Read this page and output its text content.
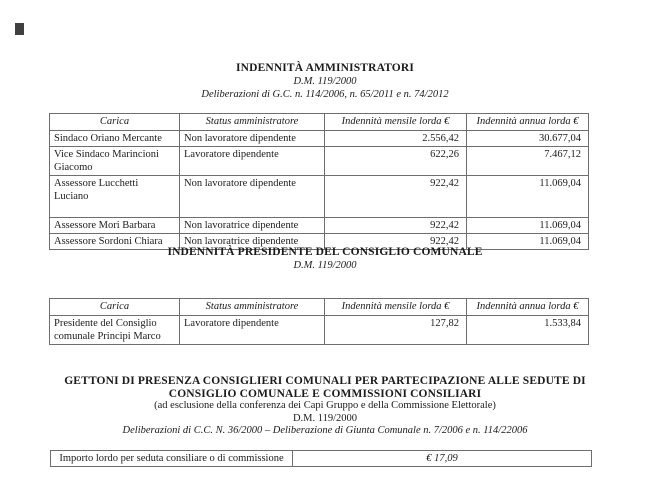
INDENNITÀ AMMINISTRATORI
D.M. 119/2000
Deliberazioni di G.C. n. 114/2006, n. 65/2011 e n. 74/2012
Carica	Status amministratore	Indennità mensile lorda €	Indennità annua lorda €
Sindaco Oriano Mercante	Non lavoratore dipendente	2.556,42	30.677,04
Vice Sindaco Marincioni Giacomo	Lavoratore dipendente	622,26	7.467,12
Assessore Lucchetti Luciano	Non lavoratore dipendente	922,42	11.069,04
Assessore Mori Barbara	Non lavoratrice dipendente	922,42	11.069,04
Assessore Sordoni Chiara	Non lavoratrice dipendente	922,42	11.069,04
INDENNITÀ PRESIDENTE DEL CONSIGLIO COMUNALE
D.M. 119/2000
Carica	Status amministratore	Indennità mensile lorda €	Indennità annua lorda €
Presidente del Consiglio comunale Principi Marco	Lavoratore dipendente	127,82	1.533,84
GETTONI DI PRESENZA CONSIGLIERI COMUNALI PER PARTECIPAZIONE ALLE SEDUTE DI
CONSIGLIO COMUNALE E COMMISSIONI CONSILIARI
(ad esclusione della conferenza dei Capi Gruppo e della Commissione Elettorale)
D.M. 119/2000
Deliberazioni di C.C. N. 36/2000 – Deliberazione di Giunta Comunale n. 7/2006 e n. 114/22006
Importo lordo per seduta consiliare o di commissione	€ 17,09
